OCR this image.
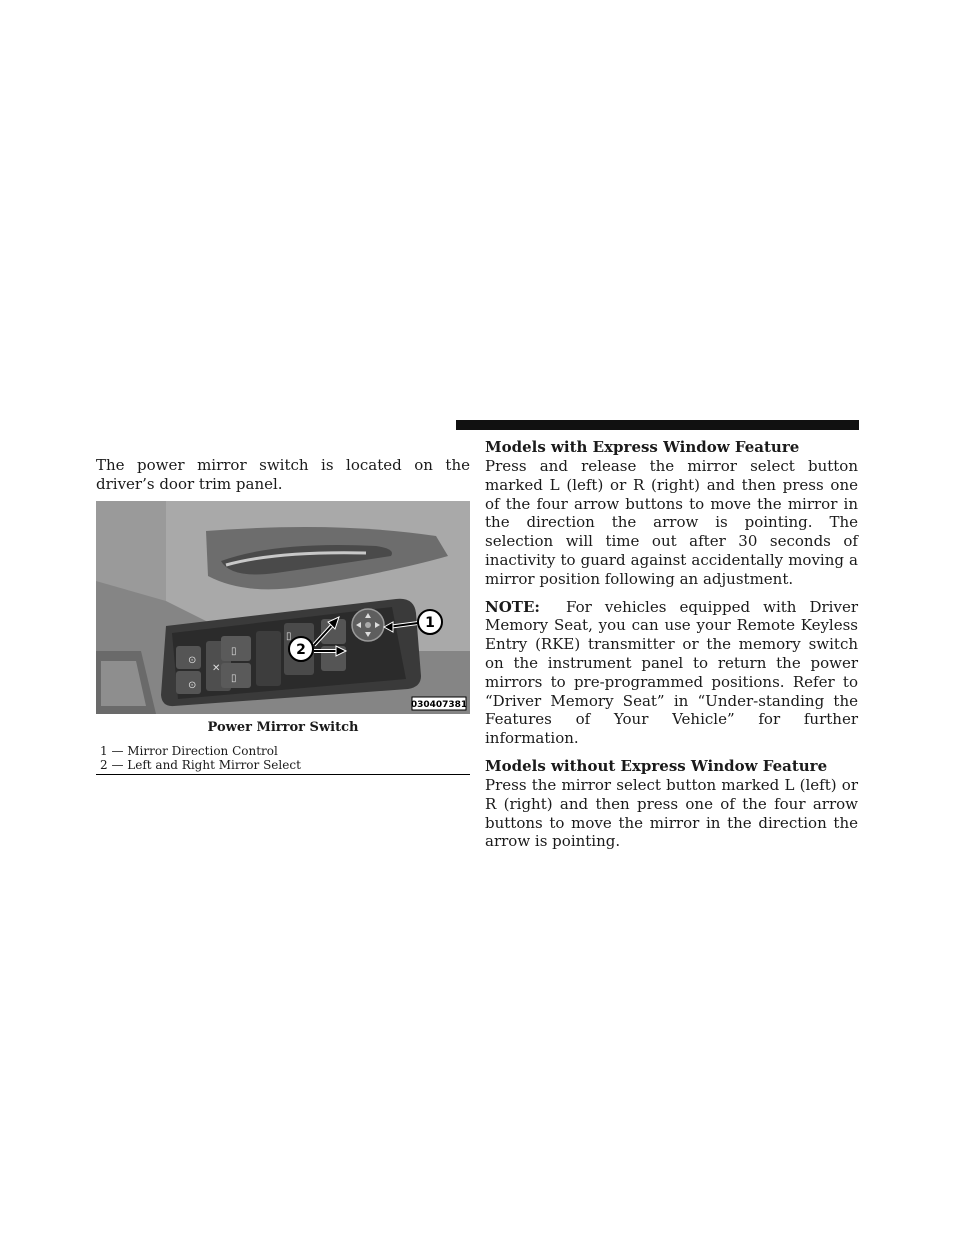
The power mirror switch is located on the driver’s door trim panel.

⊙
⊙
✕
▯
▯
▯
1
2
030407381
Power Mirror Switch
1 — Mirror Direction Control
2 — Left and Right Mirror Select

Models with Express Window Feature

Press and release the mirror select button marked L (left) or R (right) and then press one of the four arrow buttons to move the mirror in the direction the arrow is pointing. The selection will time out after 30 seconds of inactivity to guard against accidentally moving a mirror position following an adjustment.

NOTE: For vehicles equipped with Driver Memory Seat, you can use your Remote Keyless Entry (RKE) transmitter or the memory switch on the instrument panel to return the power mirrors to pre-programmed positions. Refer to “Driver Memory Seat” in “Under-standing the Features of Your Vehicle” for further information.

Models without Express Window Feature

Press the mirror select button marked L (left) or R (right) and then press one of the four arrow buttons to move the mirror in the direction the arrow is pointing.
